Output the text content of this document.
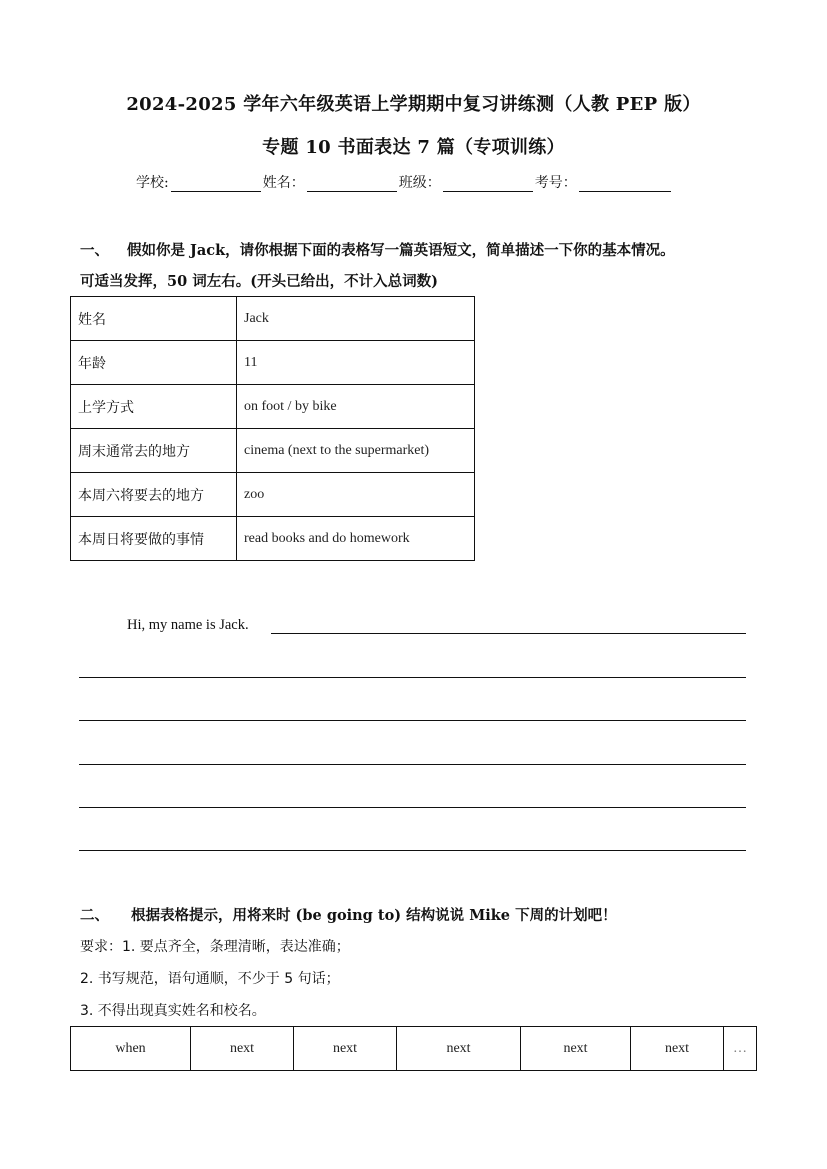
2024-2025 学年六年级英语上学期期中复习讲练测（人教 PEP 版）
专题 10 书面表达 7 篇（专项训练）
学校:	姓名：	班级：	考号：
一、 假如你是 Jack，请你根据下面的表格写一篇英语短文，简单描述一下你的基本情况。
可适当发挥，50 词左右。(开头已给出，不计入总词数)
姓名	Jack
年龄	11
上学方式	on foot / by bike
周末通常去的地方	cinema (next to the supermarket)
本周六将要去的地方	zoo
本周日将要做的事情	read books and do homework
Hi, my name is Jack.
二、 根据表格提示，用将来时 (be going to) 结构说说 Mike 下周的计划吧！
要求：1. 要点齐全，条理清晰，表达准确；
2. 书写规范，语句通顺，不少于 5 句话；
3. 不得出现真实姓名和校名。
when	next	next	next	next	next	…
